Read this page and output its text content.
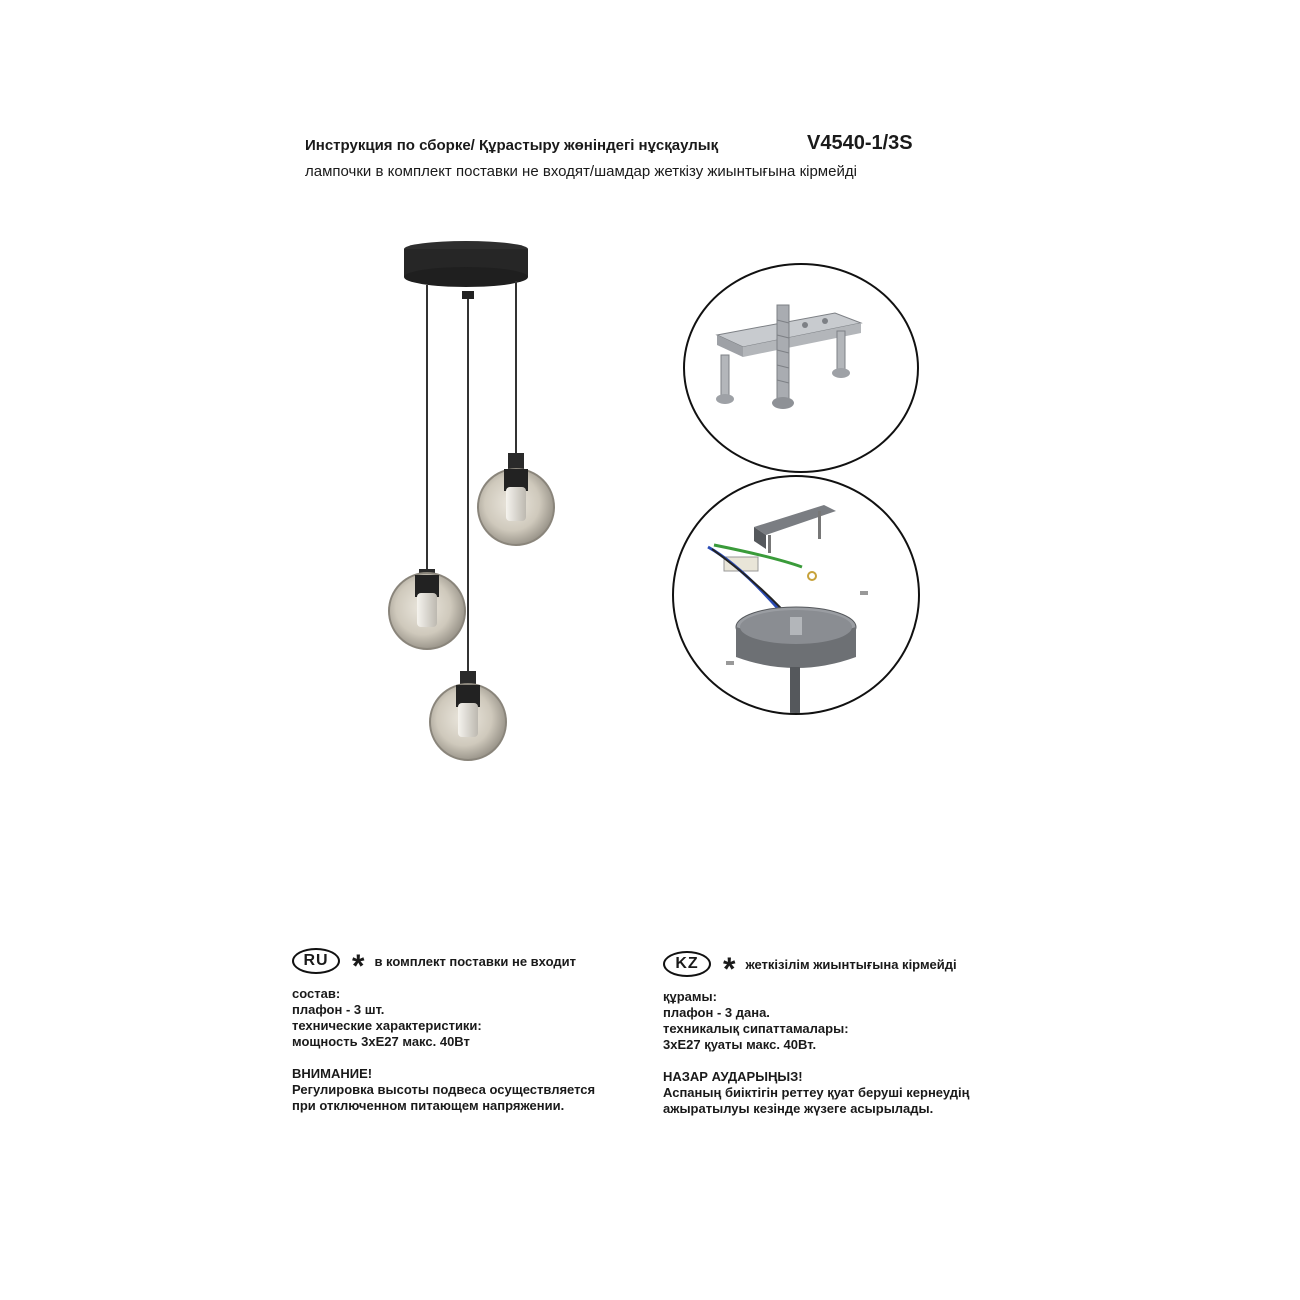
Инструкция по сборке/ Құрастыру жөніндегі нұсқаулық	V4540-1/3S
лампочки в комплект поставки не входят/шамдар жеткізу жиынтығына кірмейді
RU * в комплект поставки не входит
состав:
плафон - 3 шт.
технические характеристики:
мощность 3хЕ27 макс. 40Вт
ВНИМАНИЕ!
Регулировка высоты подвеса осуществляется
при отключенном питающем напряжении.
KZ * жеткізілім жиынтығына кірмейді
құрамы:
плафон - 3 дана.
техникалық сипаттамалары:
3хЕ27 қуаты макс. 40Вт.
НАЗАР АУДАРЫҢЫЗ!
Аспаның биіктігін реттеу қуат беруші кернеудің
ажыратылуы кезінде жүзеге асырылады.
